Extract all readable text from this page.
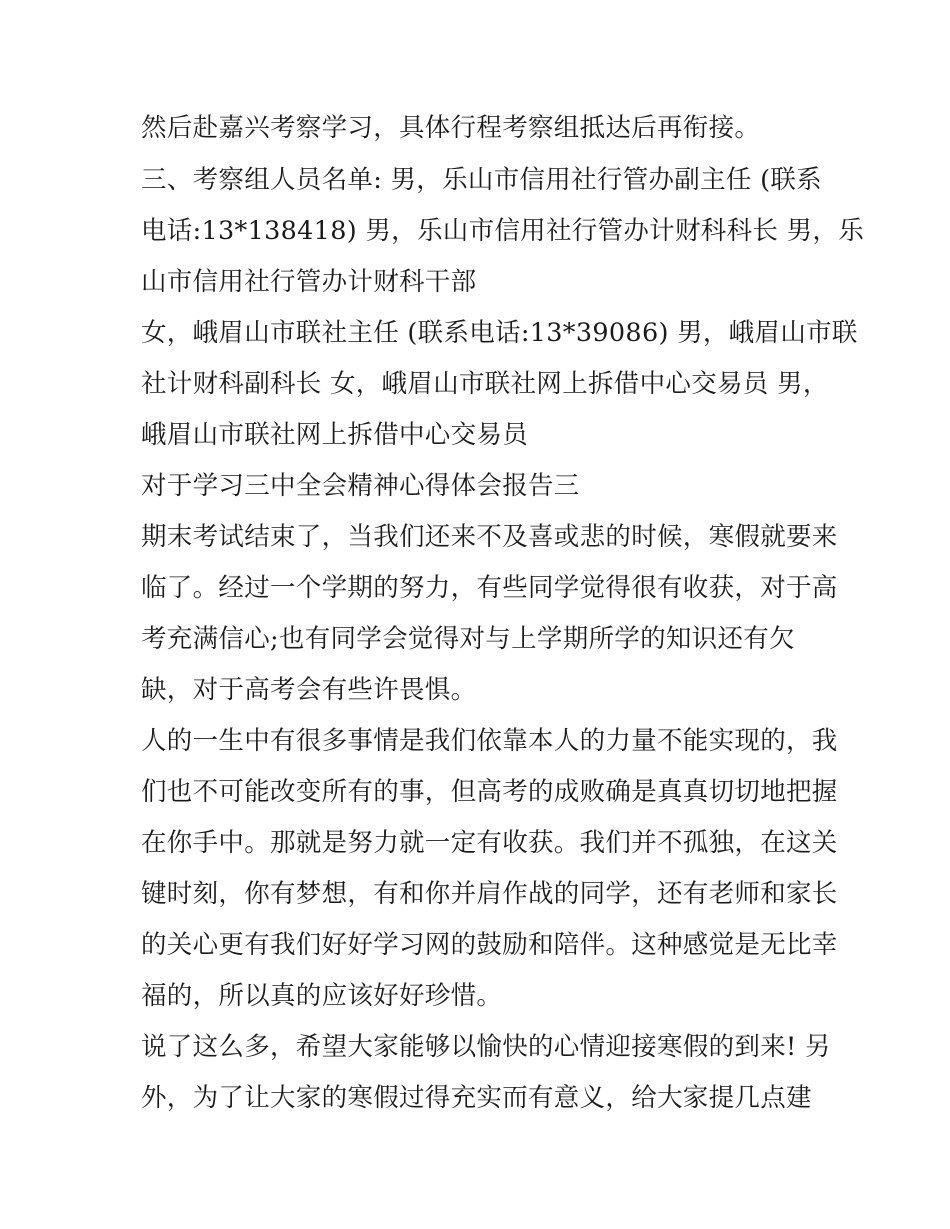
然后赴嘉兴考察学习，具体行程考察组抵达后再衔接。
三、考察组人员名单: 男，乐山市信用社行管办副主任 (联系
电话:13*138418) 男，乐山市信用社行管办计财科科长 男，乐
山市信用社行管办计财科干部
女，峨眉山市联社主任 (联系电话:13*39086) 男，峨眉山市联
社计财科副科长 女，峨眉山市联社网上拆借中心交易员 男，
峨眉山市联社网上拆借中心交易员
对于学习三中全会精神心得体会报告三
期末考试结束了，当我们还来不及喜或悲的时候，寒假就要来
临了。经过一个学期的努力，有些同学觉得很有收获，对于高
考充满信心;也有同学会觉得对与上学期所学的知识还有欠
缺，对于高考会有些许畏惧。
人的一生中有很多事情是我们依靠本人的力量不能实现的，我
们也不可能改变所有的事，但高考的成败确是真真切切地把握
在你手中。那就是努力就一定有收获。我们并不孤独，在这关
键时刻，你有梦想，有和你并肩作战的同学，还有老师和家长
的关心更有我们好好学习网的鼓励和陪伴。这种感觉是无比幸
福的，所以真的应该好好珍惜。
说了这么多，希望大家能够以愉快的心情迎接寒假的到来! 另
外，为了让大家的寒假过得充实而有意义，给大家提几点建
